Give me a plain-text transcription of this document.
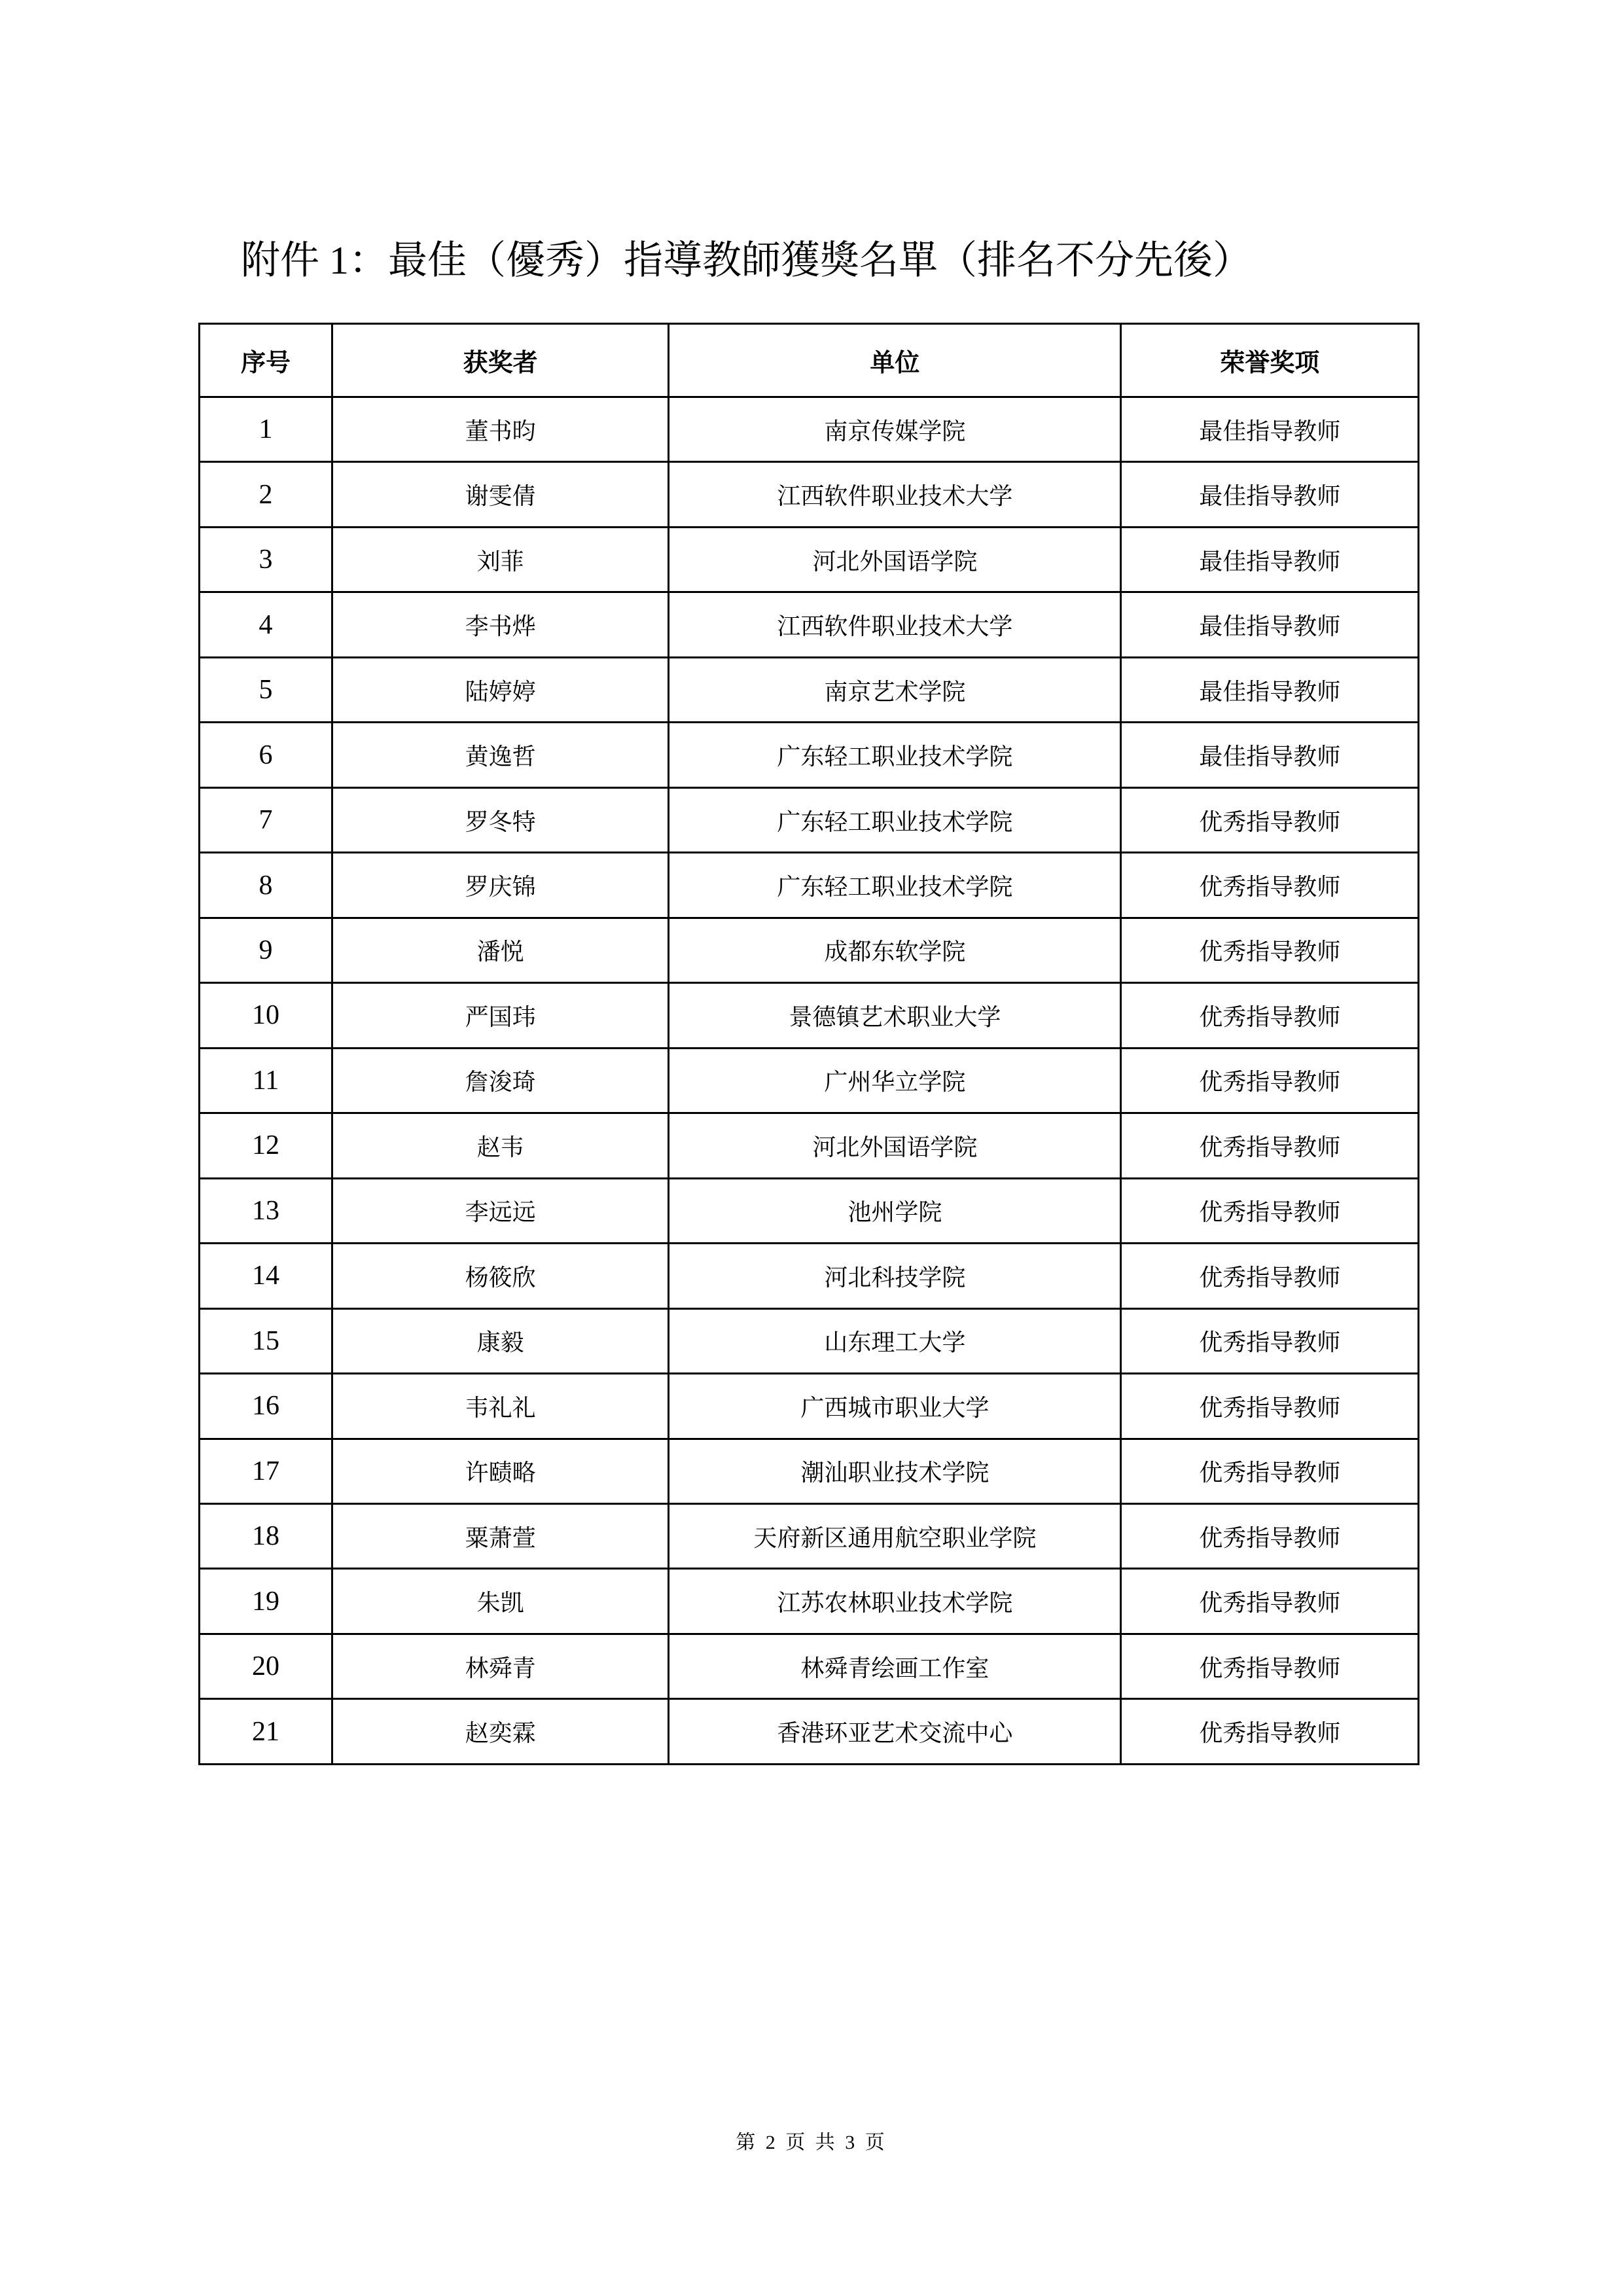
附件 1：最佳（優秀）指導教師獲獎名單（排名不分先後）
序号	获奖者	单位	荣誉奖项
1	董书昀	南京传媒学院	最佳指导教师
2	谢雯倩	江西软件职业技术大学	最佳指导教师
3	刘菲	河北外国语学院	最佳指导教师
4	李书烨	江西软件职业技术大学	最佳指导教师
5	陆婷婷	南京艺术学院	最佳指导教师
6	黄逸哲	广东轻工职业技术学院	最佳指导教师
7	罗冬特	广东轻工职业技术学院	优秀指导教师
8	罗庆锦	广东轻工职业技术学院	优秀指导教师
9	潘悦	成都东软学院	优秀指导教师
10	严国玮	景德镇艺术职业大学	优秀指导教师
11	詹浚琦	广州华立学院	优秀指导教师
12	赵韦	河北外国语学院	优秀指导教师
13	李远远	池州学院	优秀指导教师
14	杨筱欣	河北科技学院	优秀指导教师
15	康毅	山东理工大学	优秀指导教师
16	韦礼礼	广西城市职业大学	优秀指导教师
17	许赜略	潮汕职业技术学院	优秀指导教师
18	粟萧萱	天府新区通用航空职业学院	优秀指导教师
19	朱凯	江苏农林职业技术学院	优秀指导教师
20	林舜青	林舜青绘画工作室	优秀指导教师
21	赵奕霖	香港环亚艺术交流中心	优秀指导教师
第 2 页 共 3 页
